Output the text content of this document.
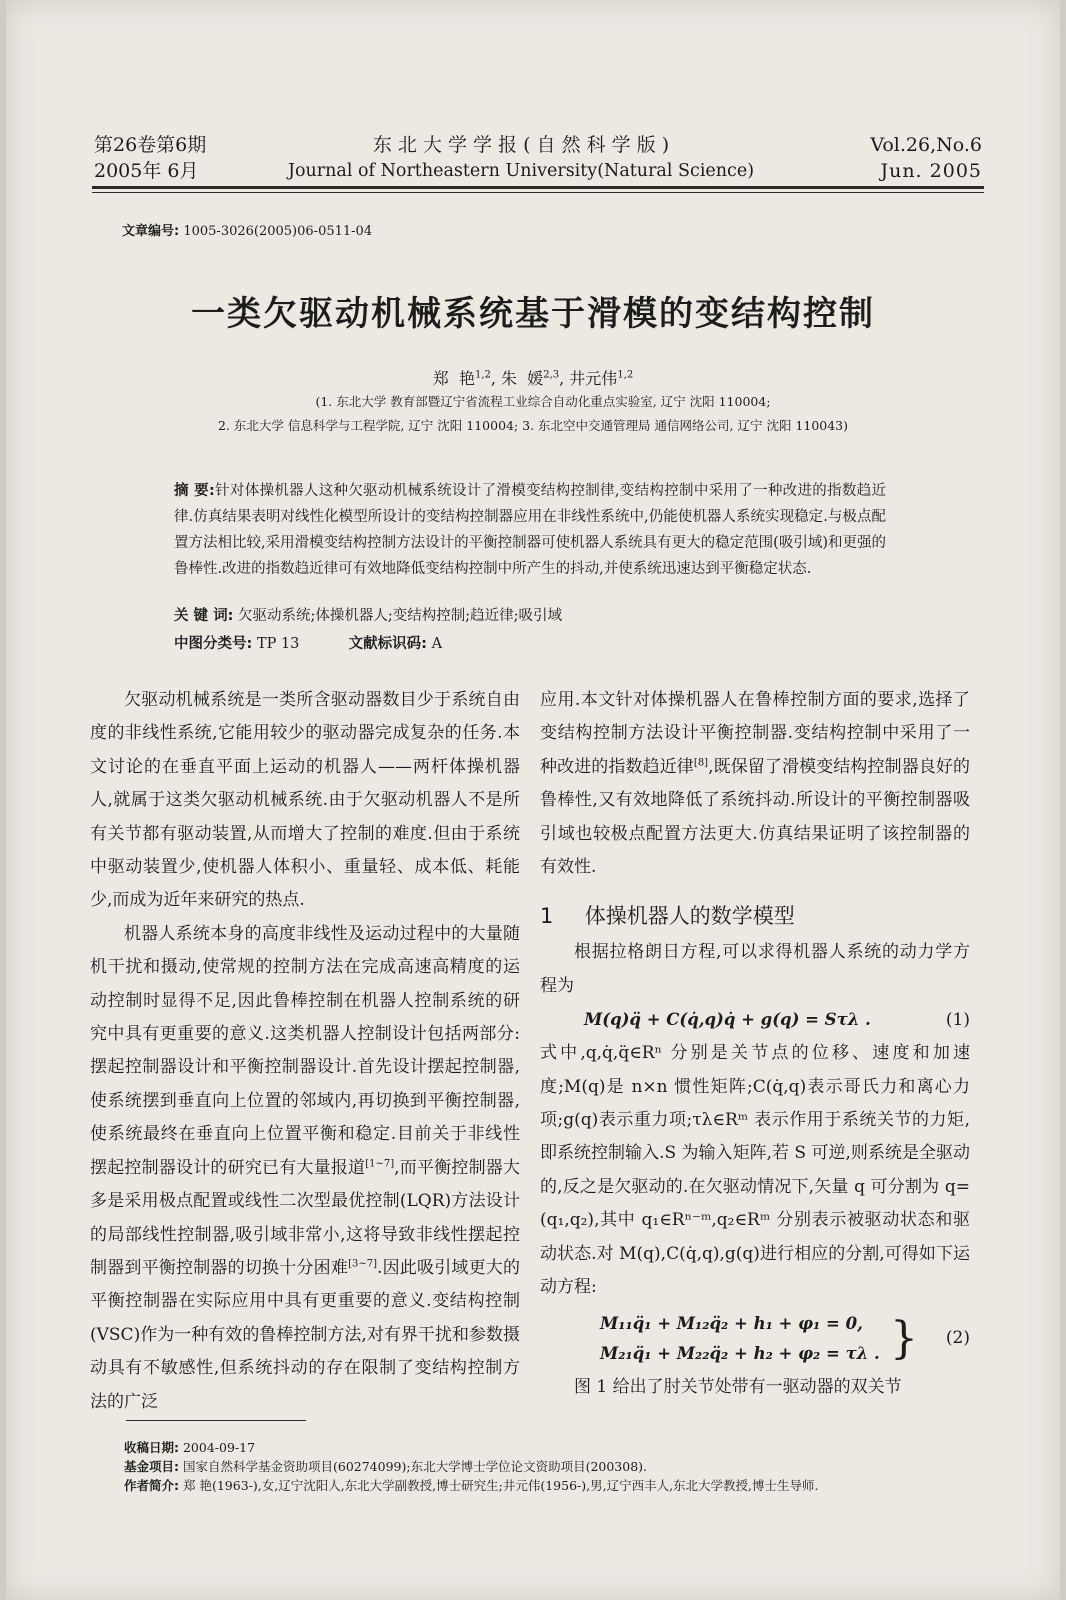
第26卷第6期
2005年 6月
东 北 大 学 学 报 ( 自 然 科 学 版 )
Journal of Northeastern University(Natural Science)
Vol.26,No.6
Jun. 2005
文章编号: 1005-3026(2005)06-0511-04
一类欠驱动机械系统基于滑模的变结构控制
郑  艳$^{1,2}$, 朱  媛$^{2,3}$, 井元伟$^{1,2}$
(1. 东北大学 教育部暨辽宁省流程工业综合自动化重点实验室, 辽宁 沈阳 110004;
2. 东北大学 信息科学与工程学院, 辽宁 沈阳 110004; 3. 东北空中交通管理局 通信网络公司, 辽宁 沈阳 110043)
摘 要:针对体操机器人这种欠驱动机械系统设计了滑模变结构控制律,变结构控制中采用了一种改进的指数趋近律.仿真结果表明对线性化模型所设计的变结构控制器应用在非线性系统中,仍能使机器人系统实现稳定.与极点配置方法相比较,采用滑模变结构控制方法设计的平衡控制器可使机器人系统具有更大的稳定范围(吸引域)和更强的鲁棒性.改进的指数趋近律可有效地降低变结构控制中所产生的抖动,并使系统迅速达到平衡稳定状态.
关 键 词: 欠驱动系统;体操机器人;变结构控制;趋近律;吸引域
中图分类号: TP 13	文献标识码: A

欠驱动机械系统是一类所含驱动器数目少于系统自由度的非线性系统,它能用较少的驱动器完成复杂的任务.本文讨论的在垂直平面上运动的机器人——两杆体操机器人,就属于这类欠驱动机械系统.由于欠驱动机器人不是所有关节都有驱动装置,从而增大了控制的难度.但由于系统中驱动装置少,使机器人体积小、重量轻、成本低、耗能少,而成为近年来研究的热点.

机器人系统本身的高度非线性及运动过程中的大量随机干扰和摄动,使常规的控制方法在完成高速高精度的运动控制时显得不足,因此鲁棒控制在机器人控制系统的研究中具有更重要的意义.这类机器人控制设计包括两部分:摆起控制器设计和平衡控制器设计.首先设计摆起控制器,使系统摆到垂直向上位置的邻域内,再切换到平衡控制器,使系统最终在垂直向上位置平衡和稳定.目前关于非线性摆起控制器设计的研究已有大量报道[1~7],而平衡控制器大多是采用极点配置或线性二次型最优控制(LQR)方法设计的局部线性控制器,吸引域非常小,这将导致非线性摆起控制器到平衡控制器的切换十分困难[3~7].因此吸引域更大的平衡控制器在实际应用中具有更重要的意义.变结构控制(VSC)作为一种有效的鲁棒控制方法,对有界干扰和参数摄动具有不敏感性,但系统抖动的存在限制了变结构控制方法的广泛

应用.本文针对体操机器人在鲁棒控制方面的要求,选择了变结构控制方法设计平衡控制器.变结构控制中采用了一种改进的指数趋近律[8],既保留了滑模变结构控制器良好的鲁棒性,又有效地降低了系统抖动.所设计的平衡控制器吸引域也较极点配置方法更大.仿真结果证明了该控制器的有效性.

1 体操机器人的数学模型

根据拉格朗日方程,可以求得机器人系统的动力学方程为

M(q)q̈ + C(q̇,q)q̇ + g(q) = Sτλ .	(1)

式中,q,q̇,q̈∈Rⁿ 分别是关节点的位移、速度和加速度;M(q)是 n×n 惯性矩阵;C(q̇,q)表示哥氏力和离心力项;g(q)表示重力项;τλ∈Rᵐ 表示作用于系统关节的力矩,即系统控制输入.S 为输入矩阵,若 S 可逆,则系统是全驱动的,反之是欠驱动的.在欠驱动情况下,矢量 q 可分割为 q=(q₁,q₂),其中 q₁∈Rⁿ⁻ᵐ,q₂∈Rᵐ 分别表示被驱动状态和驱动状态.对 M(q),C(q̇,q),g(q)进行相应的分割,可得如下运动方程:

M₁₁q̈₁ + M₁₂q̈₂ + h₁ + φ₁ = 0,
M₂₁q̈₁ + M₂₂q̈₂ + h₂ + φ₂ = τλ . } (2)

图 1 给出了肘关节处带有一驱动器的双关节

收稿日期: 2004-09-17
基金项目: 国家自然科学基金资助项目(60274099);东北大学博士学位论文资助项目(200308).
作者简介: 郑 艳(1963-),女,辽宁沈阳人,东北大学副教授,博士研究生;井元伟(1956-),男,辽宁西丰人,东北大学教授,博士生导师.
